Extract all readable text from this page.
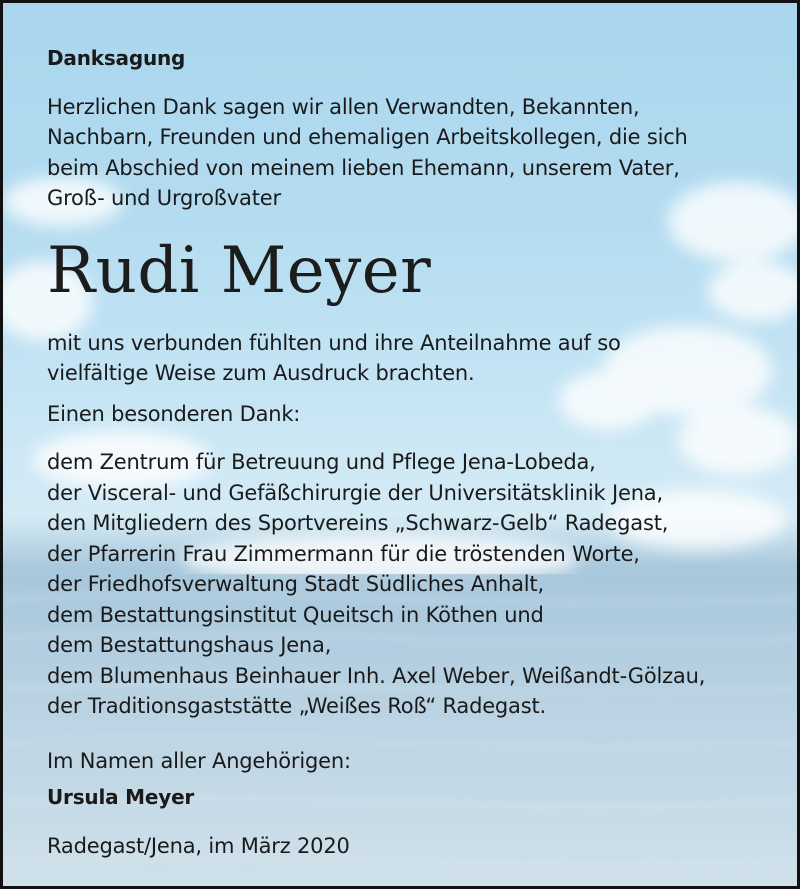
Danksagung
Herzlichen Dank sagen wir allen Verwandten, Bekannten,
Nachbarn, Freunden und ehemaligen Arbeitskollegen, die sich
beim Abschied von meinem lieben Ehemann, unserem Vater,
Groß- und Urgroßvater
Rudi Meyer
mit uns verbunden fühlten und ihre Anteilnahme auf so
vielfältige Weise zum Ausdruck brachten.
Einen besonderen Dank:
dem Zentrum für Betreuung und Pflege Jena-Lobeda,
der Visceral- und Gefäßchirurgie der Universitätsklinik Jena,
den Mitgliedern des Sportvereins „Schwarz-Gelb“ Radegast,
der Pfarrerin Frau Zimmermann für die tröstenden Worte,
der Friedhofsverwaltung Stadt Südliches Anhalt,
dem Bestattungsinstitut Queitsch in Köthen und
dem Bestattungshaus Jena,
dem Blumenhaus Beinhauer Inh. Axel Weber, Weißandt-Gölzau,
der Traditionsgaststätte „Weißes Roß“ Radegast.
Im Namen aller Angehörigen:
Ursula Meyer
Radegast/Jena, im März 2020
